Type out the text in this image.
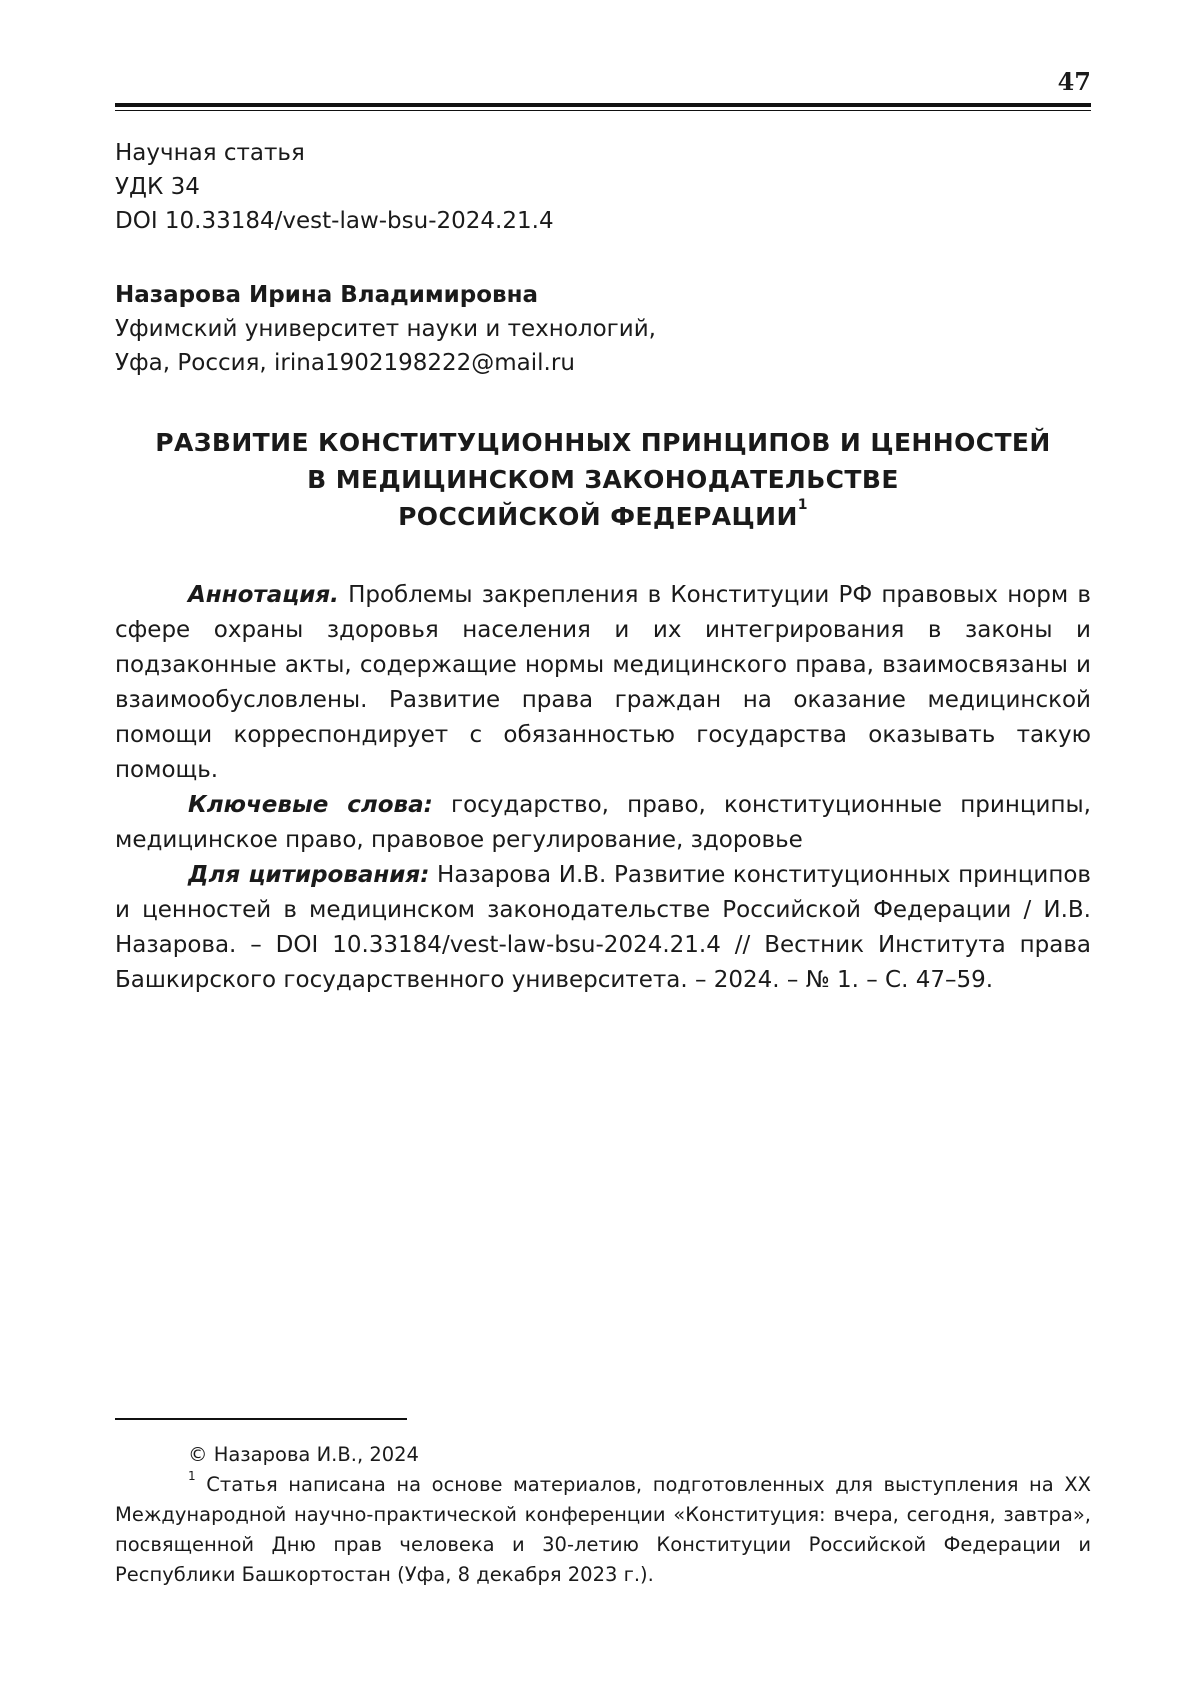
47
Научная статья
УДК 34
DOI 10.33184/vest-law-bsu-2024.21.4
Назарова Ирина Владимировна
Уфимский университет науки и технологий,
Уфа, Россия, irina1902198222@mail.ru
РАЗВИТИЕ КОНСТИТУЦИОННЫХ ПРИНЦИПОВ И ЦЕННОСТЕЙ
В МЕДИЦИНСКОМ ЗАКОНОДАТЕЛЬСТВЕ
РОССИЙСКОЙ ФЕДЕРАЦИИ$^1$

Аннотация. Проблемы закрепления в Конституции РФ правовых норм в сфере охраны здоровья населения и их интегрирования в законы и подзаконные акты, содержащие нормы медицинского права, взаимосвязаны и взаимообусловлены. Развитие права граждан на оказание медицинской помощи корреспондирует с обязанностью государства оказывать такую помощь.

Ключевые слова: государство, право, конституционные принципы, медицинское право, правовое регулирование, здоровье

Для цитирования: Назарова И.В. Развитие конституционных принципов и ценностей в медицинском законодательстве Российской Федерации / И.В. Назарова. – DOI 10.33184/vest-law-bsu-2024.21.4 // Вестник Института права Башкирского государственного университета. – 2024. – № 1. – С. 47–59.

© Назарова И.В., 2024

$^1$ Статья написана на основе материалов, подготовленных для выступления на XX Международной научно-практической конференции «Конституция: вчера, сегодня, завтра», посвященной Дню прав человека и 30-летию Конституции Российской Федерации и Республики Башкортостан (Уфа, 8 декабря 2023 г.).
